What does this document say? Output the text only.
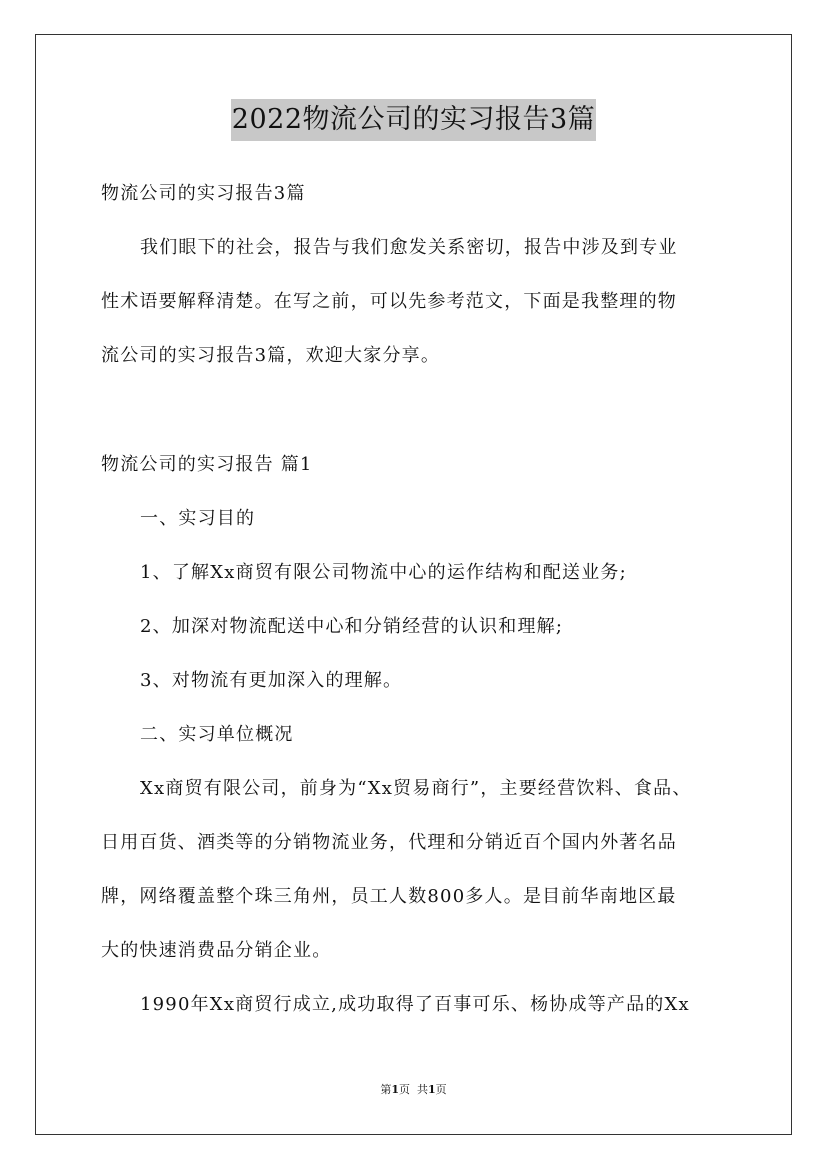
2022物流公司的实习报告3篇
物流公司的实习报告3篇
我们眼下的社会，报告与我们愈发关系密切，报告中涉及到专业
性术语要解释清楚。在写之前，可以先参考范文，下面是我整理的物
流公司的实习报告3篇，欢迎大家分享。
物流公司的实习报告 篇1
一、实习目的
1、了解Xx商贸有限公司物流中心的运作结构和配送业务;
2、加深对物流配送中心和分销经营的认识和理解;
3、对物流有更加深入的理解。
二、实习单位概况
Xx商贸有限公司，前身为“Xx贸易商行”，主要经营饮料、食品、
日用百货、酒类等的分销物流业务，代理和分销近百个国内外著名品
牌，网络覆盖整个珠三角州，员工人数800多人。是目前华南地区最
大的快速消费品分销企业。
1990年Xx商贸行成立,成功取得了百事可乐、杨协成等产品的Xx
第1页 共1页
